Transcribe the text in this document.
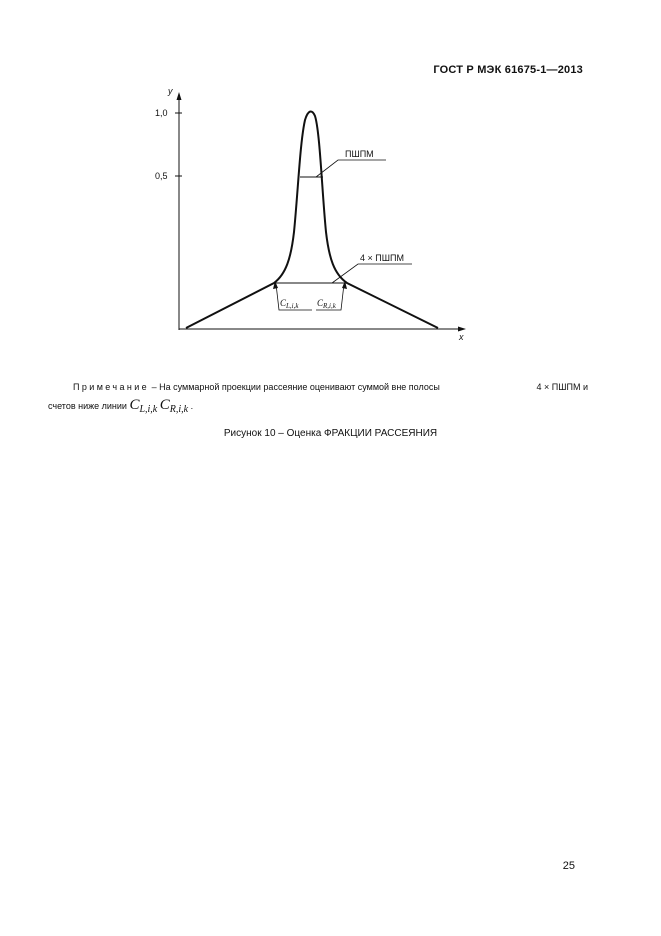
ГОСТ Р МЭК 61675-1—2013
y
x
1,0
0,5
ПШПМ
4 × ПШПМ
$C_{L,i,k}$ $C_{R,i,k}$
Примечание – На суммарной проекции рассеяние оценивают суммой вне полосы	4 × ПШПМ и
счетов ниже линии $C_{L,i,k}$ $C_{R,i,k}$ .
Рисунок 10 – Оценка ФРАКЦИИ РАССЕЯНИЯ
25
